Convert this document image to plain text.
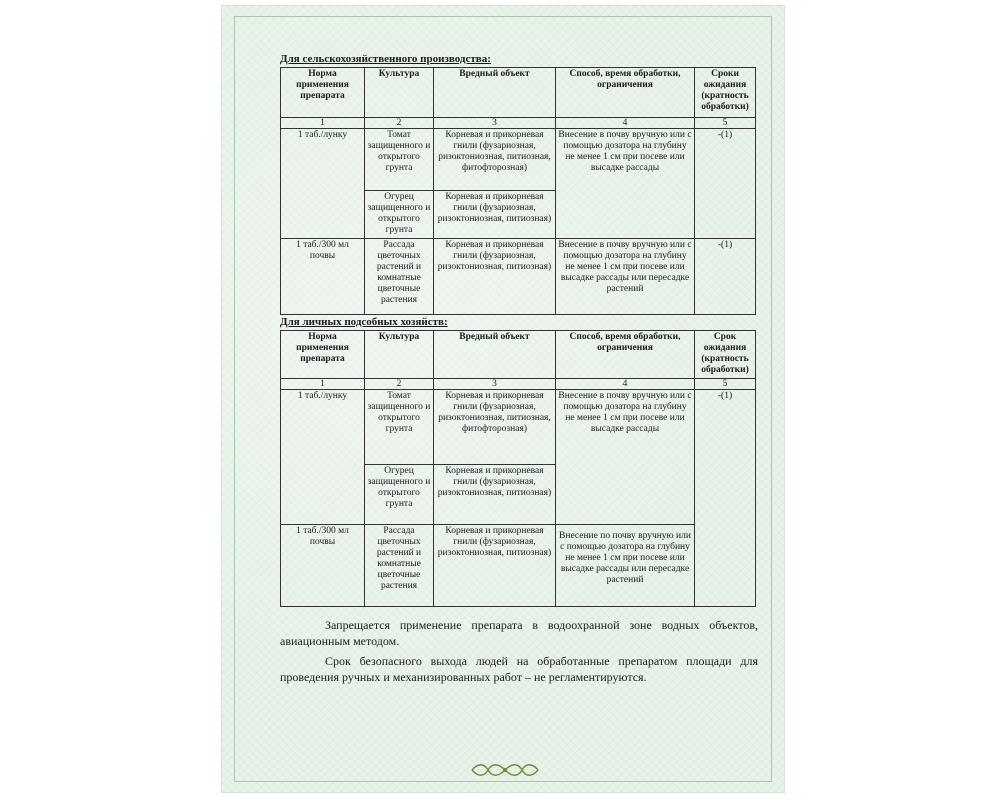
Для сельскохозяйственного производства:
Норма применения препарата	Культура	Вредный объект	Способ, время обработки, ограничения	Сроки ожидания (кратность обработки)
1	2	3	4	5
1 таб./лунку	Томат защищенного и открытого грунта	Корневая и прикорневая гнили (фузариозная, ризоктониозная, питиозная, фитофторозная)	Внесение в почву вручную или с помощью дозатора на глубину не менее 1 см при посеве или высадке рассады	-(1)
	Огурец защищенного и открытого грунта	Корневая и прикорневая гнили (фузариозная, ризоктониозная, питиозная)		
1 таб./300 мл почвы	Рассада цветочных растений и комнатные цветочные растения	Корневая и прикорневая гнили (фузариозная, ризоктониозная, питиозная)	Внесение в почву вручную или с помощью дозатора на глубину не менее 1 см при посеве или высадке рассады или пересадке растений	-(1)
Для личных подсобных хозяйств:
Норма применения препарата	Культура	Вредный объект	Способ, время обработки, ограничения	Срок ожидания (кратность обработки)
1	2	3	4	5
1 таб./лунку	Томат защищенного и открытого грунта	Корневая и прикорневая гнили (фузариозная, ризоктониозная, питиозная, фитофторозная)	Внесение в почву вручную или с помощью дозатора на глубину не менее 1 см при посеве или высадке рассады	-(1)
	Огурец защищенного и открытого грунта	Корневая и прикорневая гнили (фузариозная, ризоктониозная, питиозная)		
1 таб./300 мл почвы	Рассада цветочных растений и комнатные цветочные растения	Корневая и прикорневая гнили (фузариозная, ризоктониозная, питиозная)	Внесение по почву вручную или с помощью дозатора на глубину не менее 1 см при посеве или высадке рассады или пересадке растений	

Запрещается применение препарата в водоохранной зоне водных объектов, авиационным методом.

Срок безопасного выхода людей на обработанные препаратом площади для проведения ручных и механизированных работ – не регламентируются.
